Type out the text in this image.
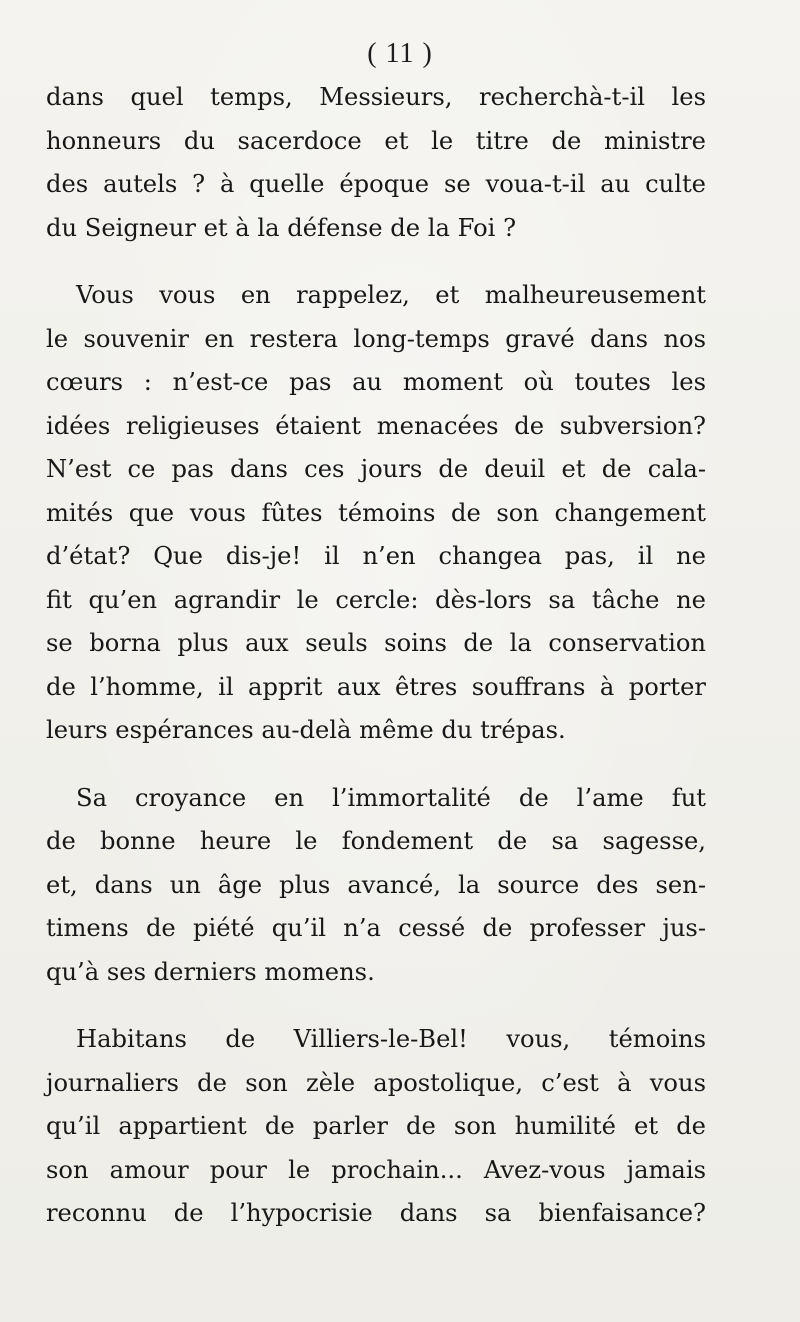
( 11 )
dans quel temps, Messieurs, recherchà-t-il les
honneurs du sacerdoce et le titre de ministre
des autels ? à quelle époque se voua-t-il au culte
du Seigneur et à la défense de la Foi ?
Vous vous en rappelez, et malheureusement
le souvenir en restera long-temps gravé dans nos
cœurs : n’est-ce pas au moment où toutes les
idées religieuses étaient menacées de subversion?
N’est ce pas dans ces jours de deuil et de cala-
mités que vous fûtes témoins de son changement
d’état? Que dis-je! il n’en changea pas, il ne
fit qu’en agrandir le cercle: dès-lors sa tâche ne
se borna plus aux seuls soins de la conservation
de l’homme, il apprit aux êtres souffrans à porter
leurs espérances au-delà même du trépas.
Sa croyance en l’immortalité de l’ame fut
de bonne heure le fondement de sa sagesse,
et, dans un âge plus avancé, la source des sen-
timens de piété qu’il n’a cessé de professer jus-
qu’à ses derniers momens.
Habitans de Villiers-le-Bel! vous, témoins
journaliers de son zèle apostolique, c’est à vous
qu’il appartient de parler de son humilité et de
son amour pour le prochain... Avez-vous jamais
reconnu de l’hypocrisie dans sa bienfaisance?
